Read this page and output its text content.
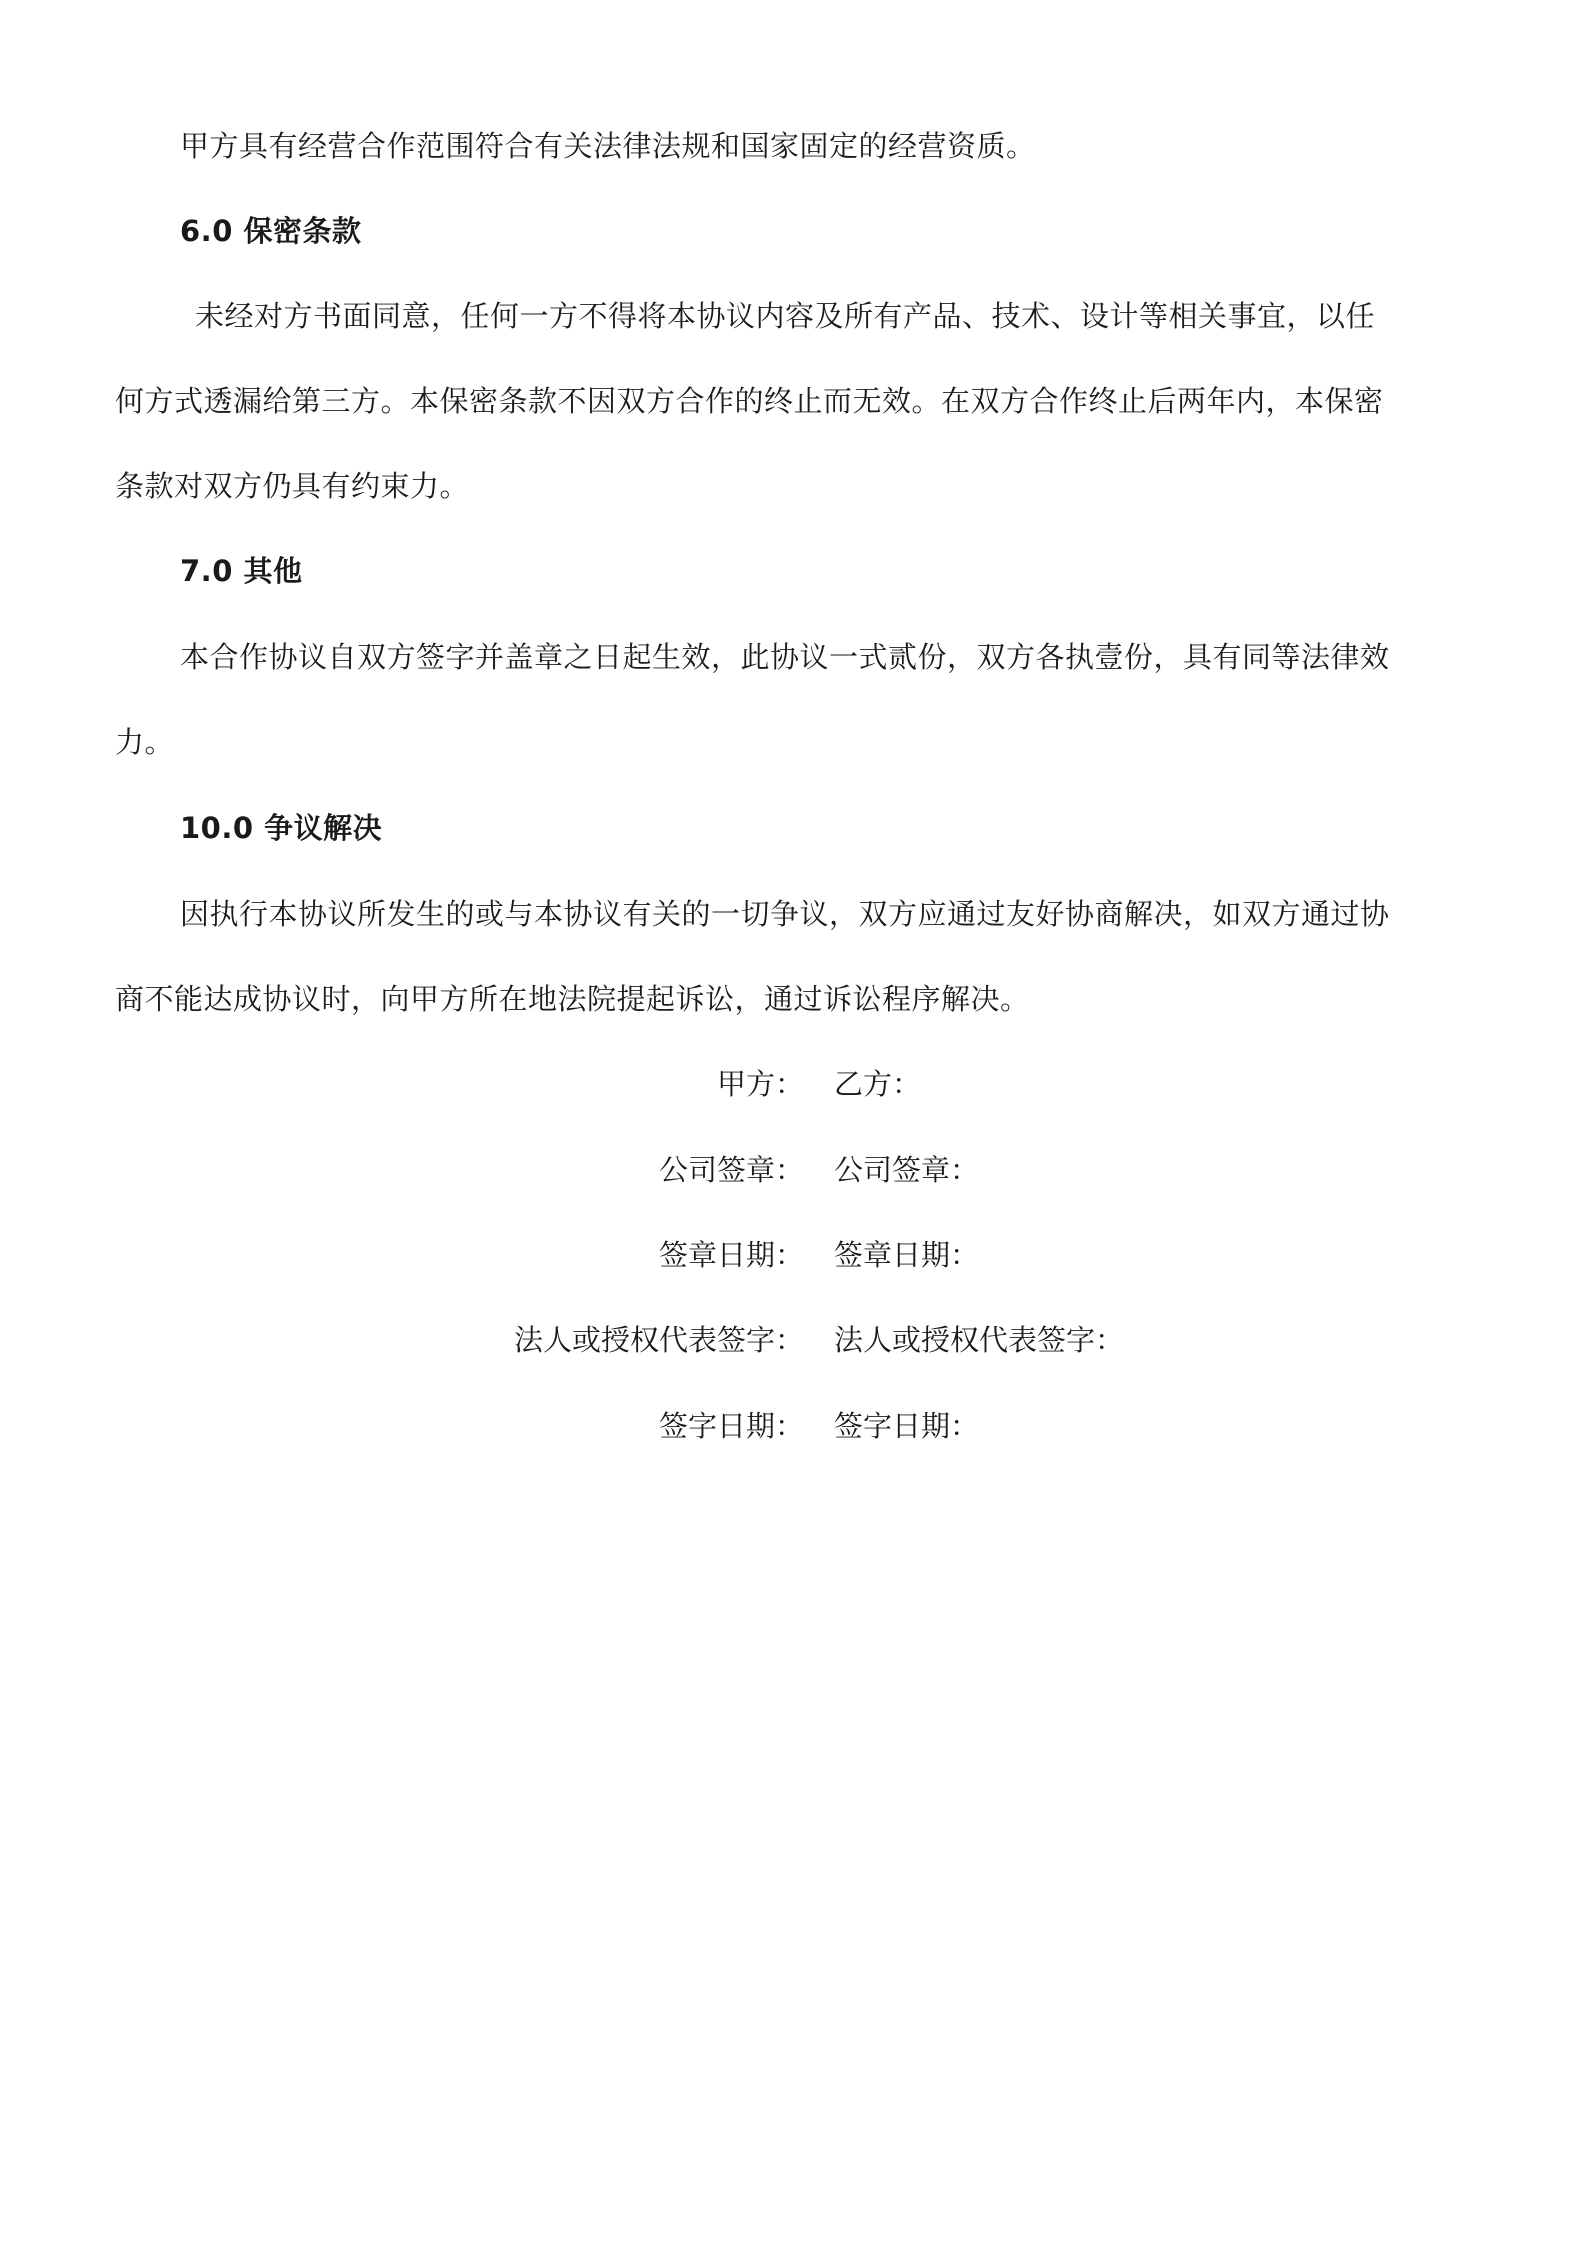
甲方具有经营合作范围符合有关法律法规和国家固定的经营资质。
6.0 保密条款
未经对方书面同意，任何一方不得将本协议内容及所有产品、技术、设计等相关事宜，以任
何方式透漏给第三方。本保密条款不因双方合作的终止而无效。在双方合作终止后两年内，本保密
条款对双方仍具有约束力。
7.0 其他
本合作协议自双方签字并盖章之日起生效，此协议一式贰份，双方各执壹份，具有同等法律效
力。
10.0 争议解决
因执行本协议所发生的或与本协议有关的一切争议，双方应通过友好协商解决，如双方通过协
商不能达成协议时，向甲方所在地法院提起诉讼，通过诉讼程序解决。
甲方： 乙方：
公司签章： 公司签章：
签章日期： 签章日期：
法人或授权代表签字： 法人或授权代表签字：
签字日期： 签字日期：
